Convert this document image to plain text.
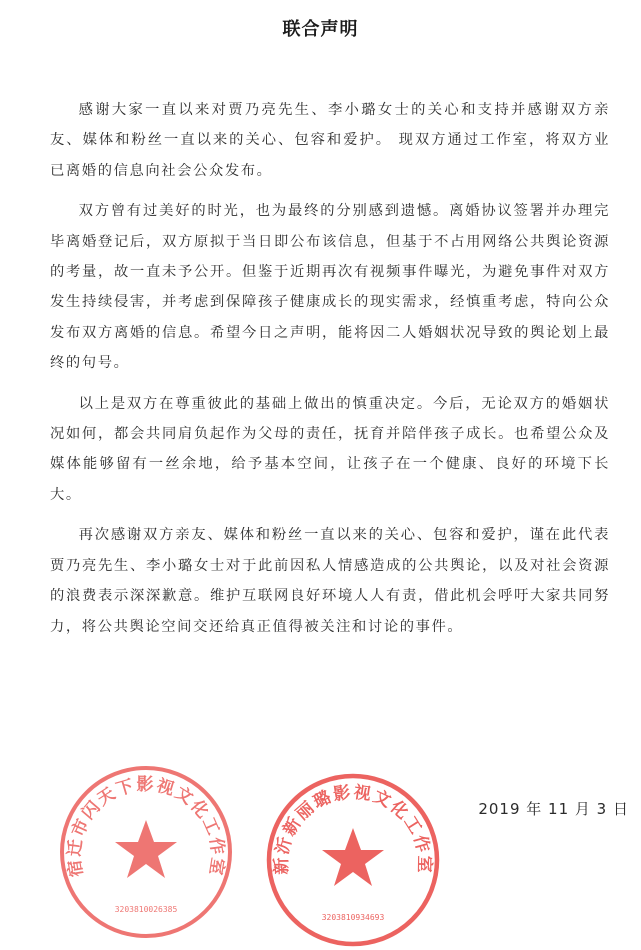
联合声明

感谢大家一直以来对贾乃亮先生、李小璐女士的关心和支持并感谢双方亲友、媒体和粉丝一直以来的关心、包容和爱护。 现双方通过工作室，将双方业已离婚的信息向社会公众发布。

双方曾有过美好的时光，也为最终的分别感到遗憾。离婚协议签署并办理完毕离婚登记后，双方原拟于当日即公布该信息，但基于不占用网络公共舆论资源的考量，故一直未予公开。但鉴于近期再次有视频事件曝光，为避免事件对双方发生持续侵害，并考虑到保障孩子健康成长的现实需求，经慎重考虑，特向公众发布双方离婚的信息。希望今日之声明，能将因二人婚姻状况导致的舆论划上最终的句号。

以上是双方在尊重彼此的基础上做出的慎重决定。今后，无论双方的婚姻状况如何，都会共同肩负起作为父母的责任，抚育并陪伴孩子成长。也希望公众及媒体能够留有一丝余地，给予基本空间，让孩子在一个健康、良好的环境下长大。

再次感谢双方亲友、媒体和粉丝一直以来的关心、包容和爱护，谨在此代表贾乃亮先生、李小璐女士对于此前因私人情感造成的公共舆论，以及对社会资源的浪费表示深深歉意。维护互联网良好环境人人有责，借此机会呼吁大家共同努力，将公共舆论空间交还给真正值得被关注和讨论的事件。

2019 年 11 月 3 日
宿迁市闪天下影视文化工作室
3203810026385
新沂新丽璐影视文化工作室
3203810934693
